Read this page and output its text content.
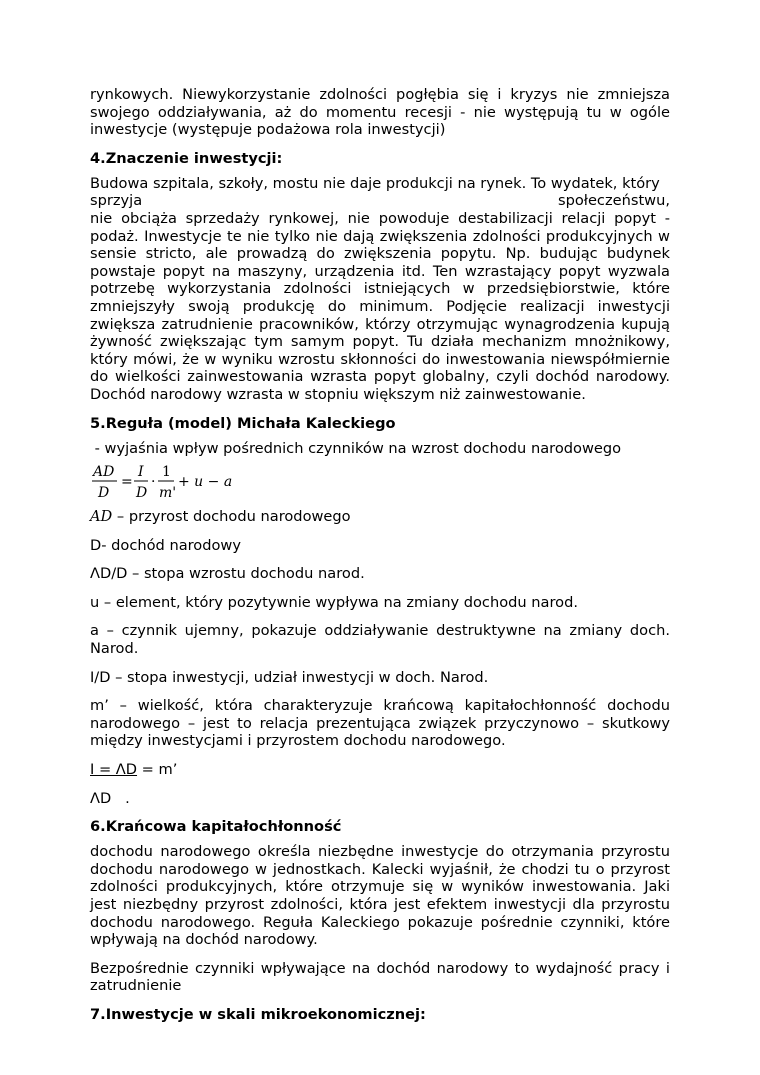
rynkowych. Niewykorzystanie zdolności pogłębia się i kryzys nie zmniejsza swojego oddziaływania, aż do momentu recesji - nie występują tu w ogóle inwestycje (występuje podażowa rola inwestycji)

4.Znaczenie inwestycji:
Budowa szpitala, szkoły, mostu nie daje produkcji na rynek. To wydatek, który
sprzyja	społeczeństwu,

nie obciąża sprzedaży rynkowej, nie powoduje destabilizacji relacji popyt - podaż. Inwestycje te nie tylko nie dają zwiększenia zdolności produkcyjnych w sensie stricto, ale prowadzą do zwiększenia popytu. Np. budując budynek powstaje popyt na maszyny, urządzenia itd. Ten wzrastający popyt wyzwala potrzebę wykorzystania zdolności istniejących w przedsiębiorstwie, które zmniejszyły swoją produkcję do minimum. Podjęcie realizacji inwestycji zwiększa zatrudnienie pracowników, którzy otrzymując wynagrodzenia kupują żywność zwiększając tym samym popyt. Tu działa mechanizm mnożnikowy, który mówi, że w wyniku wzrostu skłonności do inwestowania niewspółmiernie do wielkości zainwestowania wzrasta popyt globalny, czyli dochód narodowy. Dochód narodowy wzrasta w stopniu większym niż zainwestowanie.

5.Reguła (model) Michała Kaleckiego

- wyjaśnia wpływ pośrednich czynników na wzrost dochodu narodowego

AD
D
=
I
D
·
1
m'
+ u − a

AD – przyrost dochodu narodowego

D- dochód narodowy

ΛD/D – stopa wzrostu dochodu narod.

u – element, który pozytywnie wypływa na zmiany dochodu narod.

a – czynnik ujemny, pokazuje oddziaływanie destruktywne na zmiany doch. Narod.

I/D – stopa inwestycji, udział inwestycji w doch. Narod.

m’ – wielkość, która charakteryzuje krańcową kapitałochłonność dochodu narodowego – jest to relacja prezentująca związek przyczynowo – skutkowy między inwestycjami i przyrostem dochodu narodowego.

I = ΛD = m’

ΛD   .

6.Krańcowa kapitałochłonność

dochodu narodowego określa niezbędne inwestycje do otrzymania przyrostu dochodu narodowego w jednostkach. Kalecki wyjaśnił, że chodzi tu o przyrost zdolności produkcyjnych, które otrzymuje się w wyników inwestowania. Jaki jest niezbędny przyrost zdolności, która jest efektem inwestycji dla przyrostu dochodu narodowego. Reguła Kaleckiego pokazuje pośrednie czynniki, które wpływają na dochód narodowy.

Bezpośrednie czynniki wpływające na dochód narodowy to wydajność pracy i zatrudnienie

7.Inwestycje w skali mikroekonomicznej:
